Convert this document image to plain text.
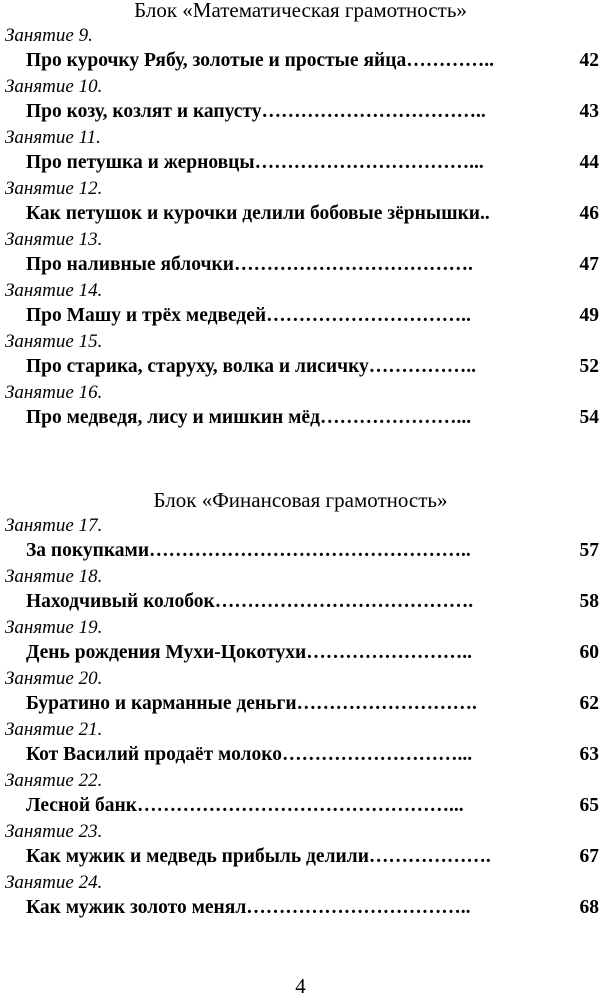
Блок «Математическая грамотность»
Занятие 9.
Про курочку Рябу, золотые и простые яйца…………..	42
Занятие 10.
Про козу, козлят и капусту……………………………..	43
Занятие 11.
Про петушка и жерновцы……………………………...	44
Занятие 12.
Как петушок и курочки делили бобовые зёрнышки..	46
Занятие 13.
Про наливные яблочки……………………………….	47
Занятие 14.
Про Машу и трёх медведей…………………………..	49
Занятие 15.
Про старика, старуху, волка и лисичку……………..	52
Занятие 16.
Про медведя, лису и мишкин мёд…………………...	54
Блок «Финансовая грамотность»
Занятие 17.
За покупками…………………………………………..	57
Занятие 18.
Находчивый колобок………………………………….	58
Занятие 19.
День рождения Мухи-Цокотухи……………………..	60
Занятие 20.
Буратино и карманные деньги……………………….	62
Занятие 21.
Кот Василий продаёт молоко………………………...	63
Занятие 22.
Лесной банк…………………………………………...	65
Занятие 23.
Как мужик и медведь прибыль делили……………….	67
Занятие 24.
Как мужик золото менял……………………………..	68
4
